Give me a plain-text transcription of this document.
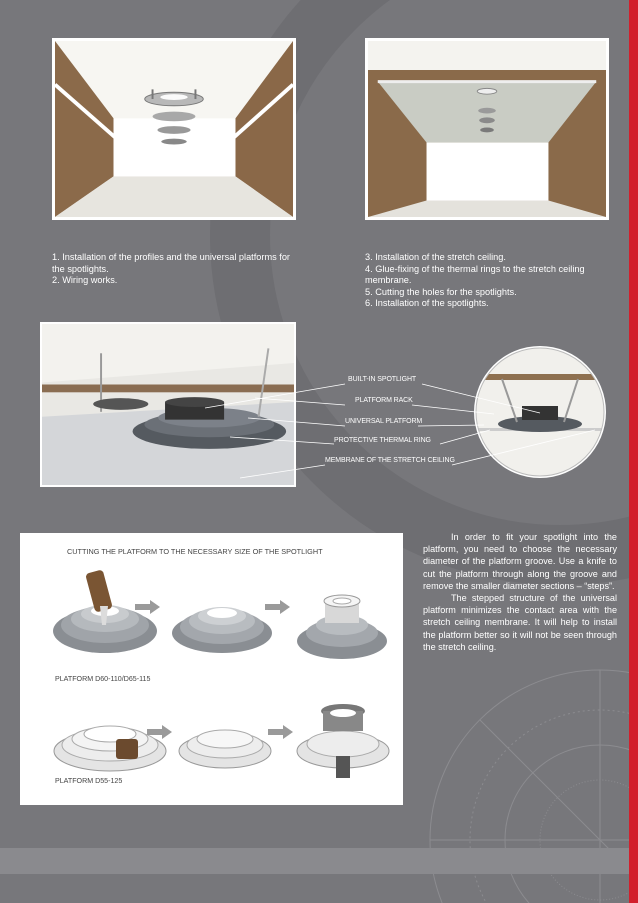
1. Installation of the profiles and the universal platforms for the spotlights.

2. Wiring works.

3. Installation of the stretch ceiling.

4. Glue-fixing of the thermal rings to the stretch ceiling membrane.

5. Cutting the holes for the spotlights.

6. Installation of the spotlights.

BUILT-IN SPOTLIGHT
PLATFORM RACK
UNIVERSAL PLATFORM
PROTECTIVE THERMAL RING
MEMBRANE OF THE STRETCH CEILING
CUTTING THE PLATFORM TO THE NECESSARY SIZE OF THE SPOTLIGHT
PLATFORM D60-110/D65-115
PLATFORM D55-125

In order to fit your spotlight into the platform, you need to choose the necessary diameter of the platform groove. Use a knife to cut the platform through along the groove and remove the smaller diameter sections – “steps”.

The stepped structure of the universal platform minimizes the contact area with the stretch ceiling membrane. It will help to install the platform better so it will not be seen through the stretch ceiling.
